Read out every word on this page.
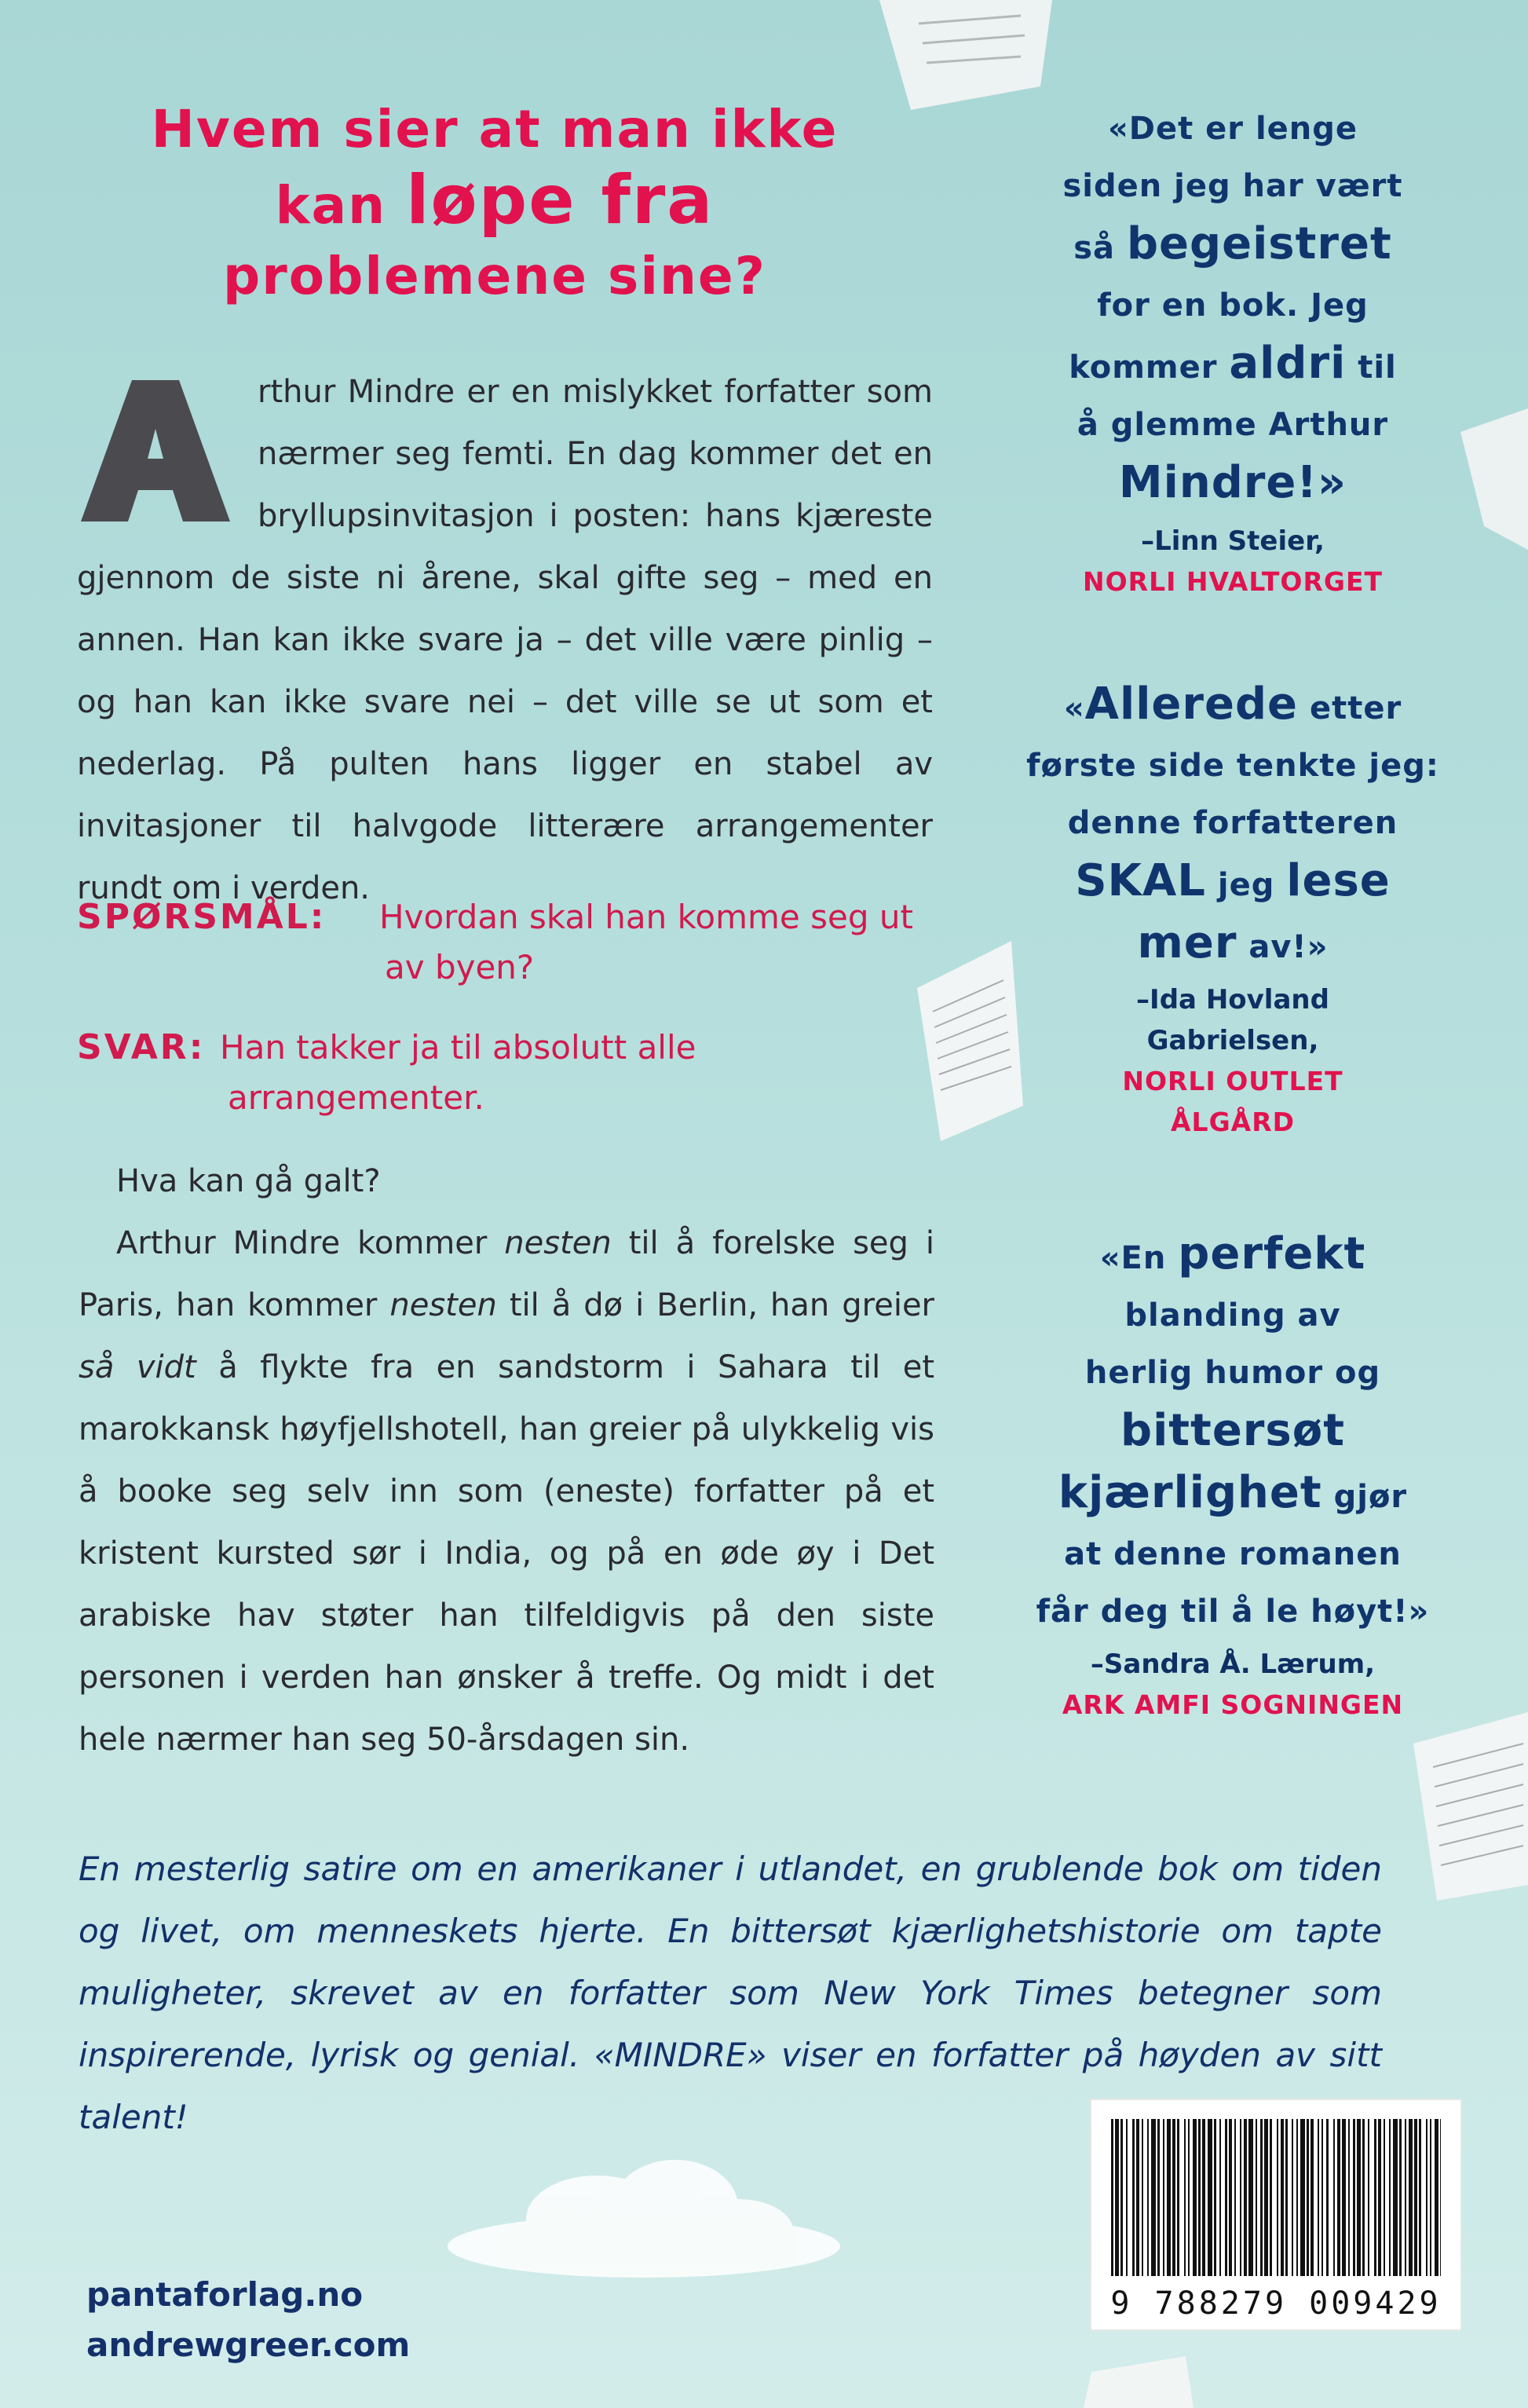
Hvem sier at man ikke
kan løpe fra
problemene sine?
rthur Mindre er en mislykket forfatter som nærmer seg femti. En dag kommer det en bryllupsinvitasjon i posten: hans kjæreste gjennom de siste ni årene, skal gifte seg – med en annen. Han kan ikke svare ja – det ville være pinlig – og han kan ikke svare nei – det ville se ut som et nederlag. På pulten hans ligger en stabel av invitasjoner til halvgode litterære arrangementer rundt om i verden.
SPØRSMÅL: Hvordan skal han komme seg ut
av byen?
SVAR: Han takker ja til absolutt alle
arrangementer.

Hva kan gå galt?

Arthur Mindre kommer nesten til å forelske seg i Paris, han kommer nesten til å dø i Berlin, han greier så vidt å flykte fra en sandstorm i Sahara til et marokkansk høyfjellshotell, han greier på ulykkelig vis å booke seg selv inn som (eneste) forfatter på et kristent kursted sør i India, og på en øde øy i Det arabiske hav støter han tilfeldigvis på den siste personen i verden han ønsker å treffe. Og midt i det hele nærmer han seg 50-årsdagen sin.

«Det er lenge
siden jeg har vært
så begeistret
for en bok. Jeg
kommer aldri til
å glemme Arthur
Mindre!»
–Linn Steier,
NORLI HVALTORGET
«Allerede etter
første side tenkte jeg:
denne forfatteren
SKAL jeg lese
mer av!»
–Ida Hovland Gabrielsen,
NORLI OUTLET ÅLGÅRD
«En perfekt
blanding av
herlig humor og
bittersøt
kjærlighet gjør
at denne romanen
får deg til å le høyt!»
–Sandra Å. Lærum,
ARK AMFI SOGNINGEN
En mesterlig satire om en amerikaner i utlandet, en grublende bok om tiden og livet, om menneskets hjerte. En bittersøt kjærlighetshistorie om tapte muligheter, skrevet av en forfatter som New York Times betegner som inspirerende, lyrisk og genial. «MINDRE» viser en forfatter på høyden av sitt talent!
pantaforlag.no
andrewgreer.com
9 788279 009429
